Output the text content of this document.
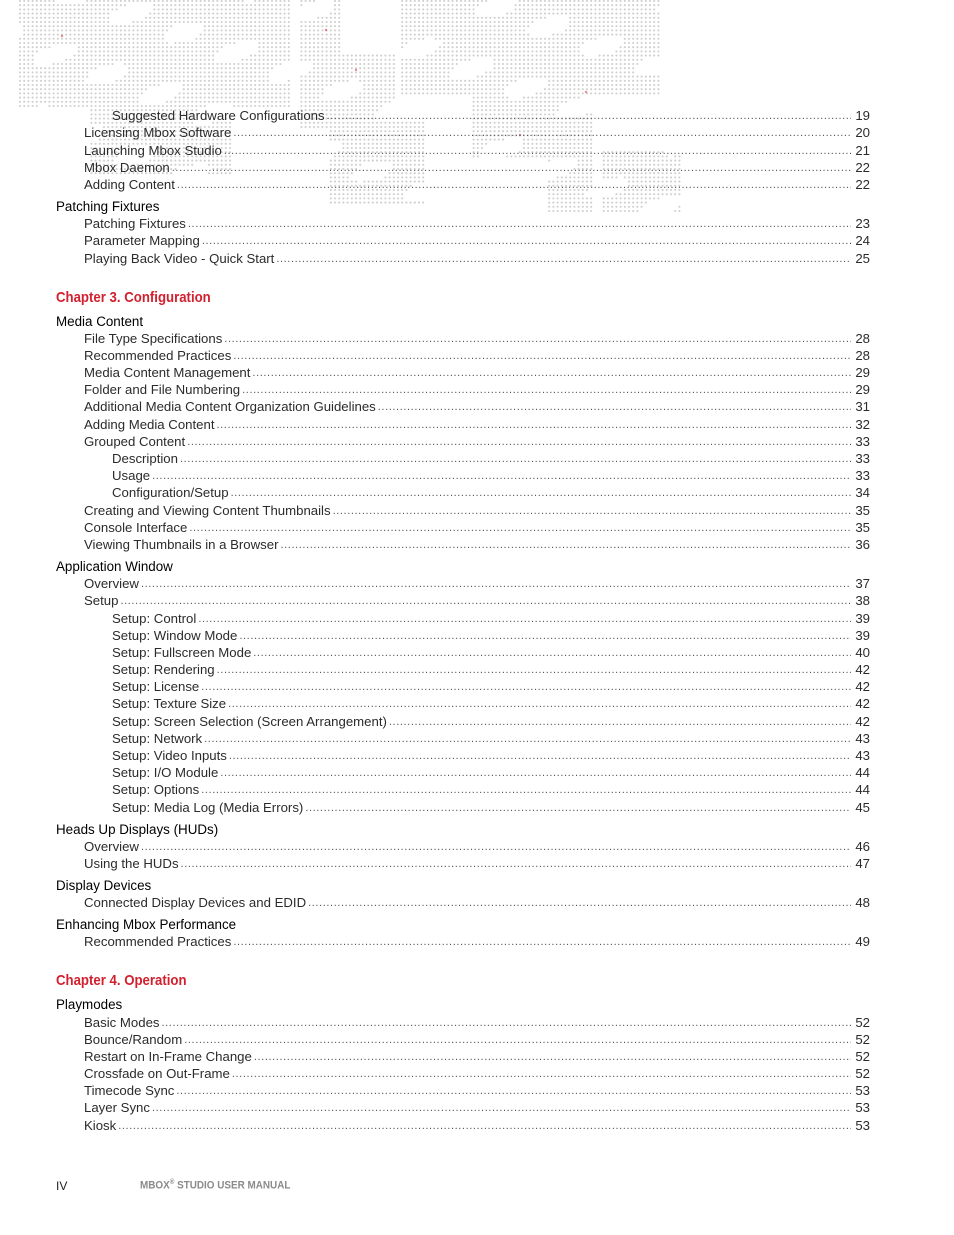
Suggested Hardware Configurations .....	19
Licensing Mbox Software .....	20
Launching Mbox Studio .....	21
Mbox Daemon .....	22
Adding Content .....	22
Patching Fixtures
Patching Fixtures .....	23
Parameter Mapping .....	24
Playing Back Video - Quick Start .....	25
Chapter 3. Configuration
Media Content
File Type Specifications .....	28
Recommended Practices .....	28
Media Content Management .....	29
Folder and File Numbering .....	29
Additional Media Content Organization Guidelines .....	31
Adding Media Content .....	32
Grouped Content .....	33
Description .....	33
Usage .....	33
Configuration/Setup .....	34
Creating and Viewing Content Thumbnails .....	35
Console Interface .....	35
Viewing Thumbnails in a Browser .....	36
Application Window
Overview .....	37
Setup .....	38
Setup: Control .....	39
Setup: Window Mode .....	39
Setup: Fullscreen Mode .....	40
Setup: Rendering .....	42
Setup: License .....	42
Setup: Texture Size .....	42
Setup: Screen Selection (Screen Arrangement) .....	42
Setup: Network .....	43
Setup: Video Inputs .....	43
Setup: I/O Module .....	44
Setup: Options .....	44
Setup: Media Log (Media Errors) .....	45
Heads Up Displays (HUDs)
Overview .....	46
Using the HUDs .....	47
Display Devices
Connected Display Devices and EDID .....	48
Enhancing Mbox Performance
Recommended Practices .....	49
Chapter 4. Operation
Playmodes
Basic Modes .....	52
Bounce/Random .....	52
Restart on In-Frame Change .....	52
Crossfade on Out-Frame .....	52
Timecode Sync .....	53
Layer Sync .....	53
Kiosk .....	53
IV	MBOX® STUDIO USER MANUAL
